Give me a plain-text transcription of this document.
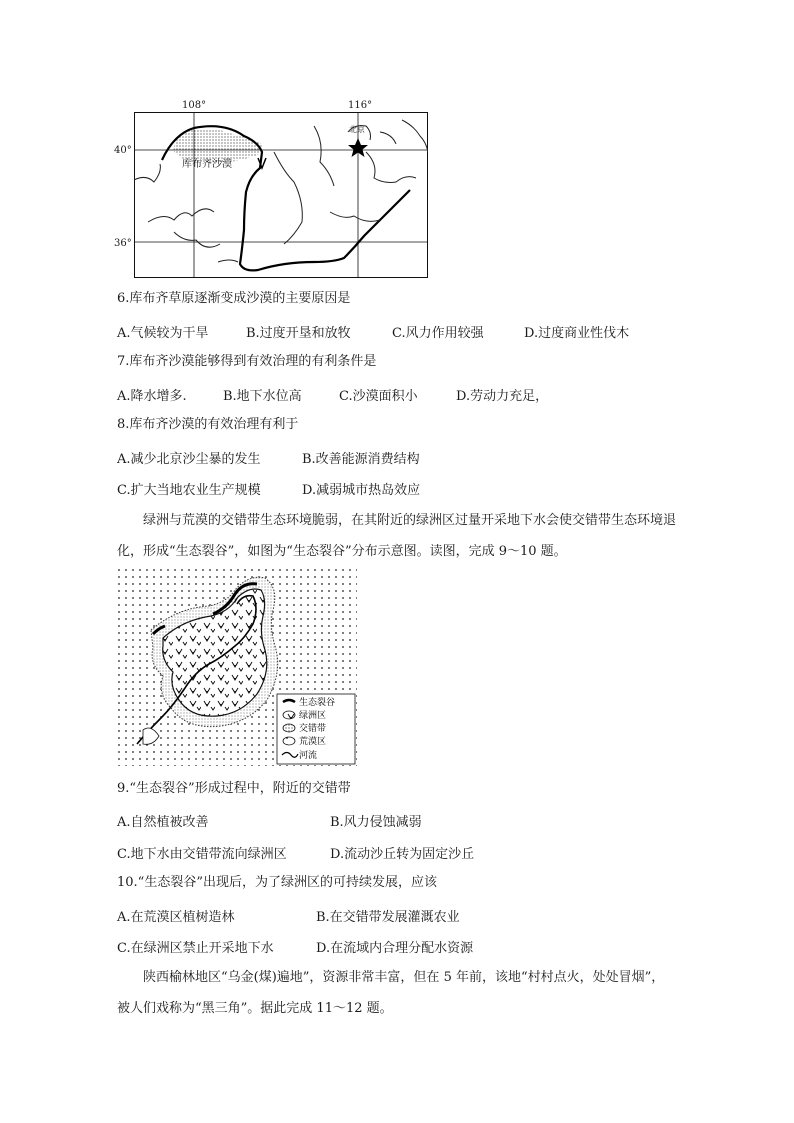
108°	116°
40°
36°
库布齐沙漠
北京
6.库布齐草原逐渐变成沙漠的主要原因是
A.气候较为干旱	B.过度开垦和放牧	C.风力作用较强	D.过度商业性伐木
7.库布齐沙漠能够得到有效治理的有利条件是
A.降水增多.	B.地下水位高	C.沙漠面积小	D.劳动力充足，
8.库布齐沙漠的有效治理有利于
A.减少北京沙尘暴的发生	B.改善能源消费结构
C.扩大当地农业生产规模	D.减弱城市热岛效应
绿洲与荒漠的交错带生态环境脆弱，在其附近的绿洲区过量开采地下水会使交错带生态环境退化，形成“生态裂谷”，如图为“生态裂谷”分布示意图。读图，完成 9～10 题。
生态裂谷
绿洲区
交错带
荒漠区
河流
9.“生态裂谷”形成过程中，附近的交错带
A.自然植被改善	B.风力侵蚀减弱
C.地下水由交错带流向绿洲区	D.流动沙丘转为固定沙丘
10.“生态裂谷”出现后，为了绿洲区的可持续发展，应该
A.在荒漠区植树造林	B.在交错带发展灌溉农业
C.在绿洲区禁止开采地下水	D.在流域内合理分配水资源
陕西榆林地区“乌金(煤)遍地”，资源非常丰富，但在 5 年前，该地“村村点火，处处冒烟”，被人们戏称为“黑三角”。据此完成 11～12 题。
